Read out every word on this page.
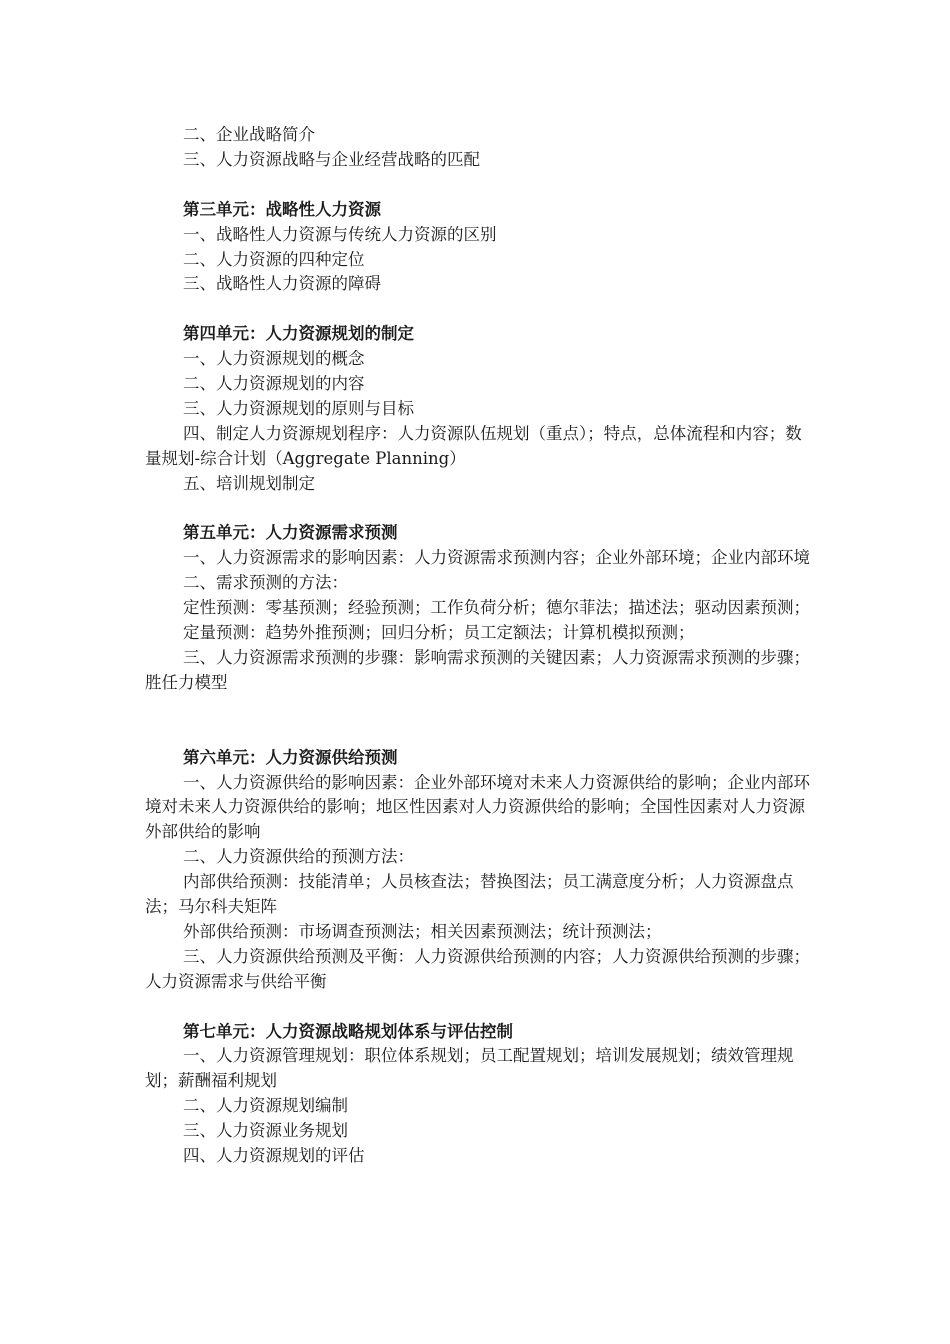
二、企业战略简介
三、人力资源战略与企业经营战略的匹配
第三单元：战略性人力资源
一、战略性人力资源与传统人力资源的区别
二、人力资源的四种定位
三、战略性人力资源的障碍
第四单元：人力资源规划的制定
一、人力资源规划的概念
二、人力资源规划的内容
三、人力资源规划的原则与目标
四、制定人力资源规划程序：人力资源队伍规划（重点）；特点，总体流程和内容；数量规划-综合计划（Aggregate Planning）
五、培训规划制定
第五单元：人力资源需求预测
一、人力资源需求的影响因素：人力资源需求预测内容；企业外部环境；企业内部环境
二、需求预测的方法：
定性预测：零基预测；经验预测；工作负荷分析；德尔菲法；描述法；驱动因素预测；
定量预测：趋势外推预测；回归分析；员工定额法；计算机模拟预测；
三、人力资源需求预测的步骤：影响需求预测的关键因素；人力资源需求预测的步骤；胜任力模型
第六单元：人力资源供给预测
一、人力资源供给的影响因素：企业外部环境对未来人力资源供给的影响；企业内部环境对未来人力资源供给的影响；地区性因素对人力资源供给的影响；全国性因素对人力资源外部供给的影响
二、人力资源供给的预测方法：
内部供给预测：技能清单；人员核查法；替换图法；员工满意度分析；人力资源盘点法；马尔科夫矩阵
外部供给预测：市场调查预测法；相关因素预测法；统计预测法；
三、人力资源供给预测及平衡：人力资源供给预测的内容；人力资源供给预测的步骤；人力资源需求与供给平衡
第七单元：人力资源战略规划体系与评估控制
一、人力资源管理规划：职位体系规划；员工配置规划；培训发展规划；绩效管理规划；薪酬福利规划
二、人力资源规划编制
三、人力资源业务规划
四、人力资源规划的评估
